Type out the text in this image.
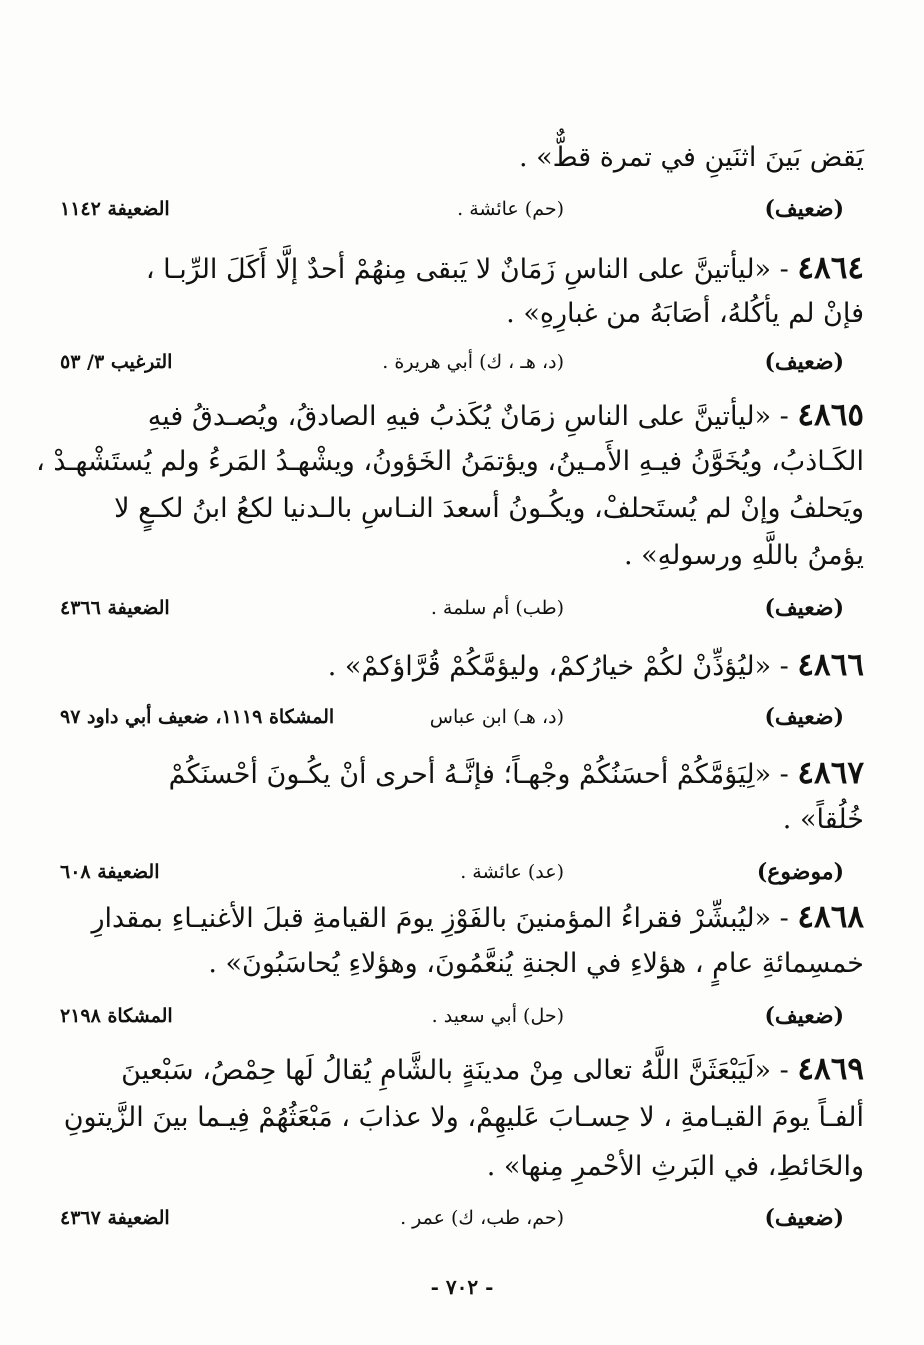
يَقض بَينَ اثنَينِ في تمرة قطٌّ» .
(ضعيف)
(حم) عائشة .
الضعيفة ١١٤٢
٤٨٦٤ - «ليأتينَّ على الناسِ زَمَانٌ لا يَبقى مِنهُمْ أحدٌ إلَّا أَكَلَ الرِّبـا ،
فإنْ لم يأكُلهُ، أصَابَهُ من غبارِهِ» .
(ضعيف)
(د، هـ ، ك) أبي هريرة .
الترغيب ٣/ ٥٣
٤٨٦٥ - «ليأتينَّ على الناسِ زمَانٌ يُكَذبُ فيهِ الصادقُ، ويُصـدقُ فيهِ
الكَـاذبُ، ويُخَوَّنُ فيـهِ الأَمـينُ، ويؤتمَنُ الخَؤونُ، ويشْهـدُ المَرءُ ولم يُستَشْهـدْ ،
ويَحلفُ وإنْ لم يُستَحلفْ، ويكُـونُ أسعدَ النـاسِ بالـدنيا لكعُ ابنُ لكـعٍ لا
يؤمنُ باللَّهِ ورسولهِ» .
(ضعيف)
(طب) أم سلمة .
الضعيفة ٤٣٦٦
٤٨٦٦ - «ليُؤذِّنْ لكُمْ خيارُكمْ، وليؤمَّكُمْ قُرَّاؤكمْ» .
(ضعيف)
(د، هـ) ابن عباس
المشكاة ١١١٩، ضعيف أبي داود ٩٧
٤٨٦٧ - «لِيَؤمَّكُمْ أحسَنُكُمْ وجْهـاً؛ فإنَّـهُ أحرى أنْ يكُـونَ أحْسنَكُمْ
خُلُقاً» .
(موضوع)
(عد) عائشة .
الضعيفة ٦٠٨
٤٨٦٨ - «ليُبشِّرْ فقراءُ المؤمنينَ بالفَوْزِ يومَ القيامةِ قبلَ الأغنيـاءِ بمقدارِ
خمسِمائةِ عامٍ ، هؤلاءِ في الجنةِ يُنعَّمُونَ، وهؤلاءِ يُحاسَبُونَ» .
(ضعيف)
(حل) أبي سعيد .
المشكاة ٢١٩٨
٤٨٦٩ - «لَيَبْعَثَنَّ اللَّهُ تعالى مِنْ مدينَةٍ بالشَّامِ يُقالُ لَها حِمْصُ، سَبْعينَ
ألفـاً يومَ القيـامةِ ، لا حِسـابَ عَليهِمْ، ولا عذابَ ، مَبْعَثُهُمْ فِيـما بينَ الزَّيتونِ
والحَائطِ، في البَرثِ الأحْمرِ مِنها» .
(ضعيف)
(حم، طب، ك) عمر .
الضعيفة ٤٣٦٧
- ٧٠٢ -
